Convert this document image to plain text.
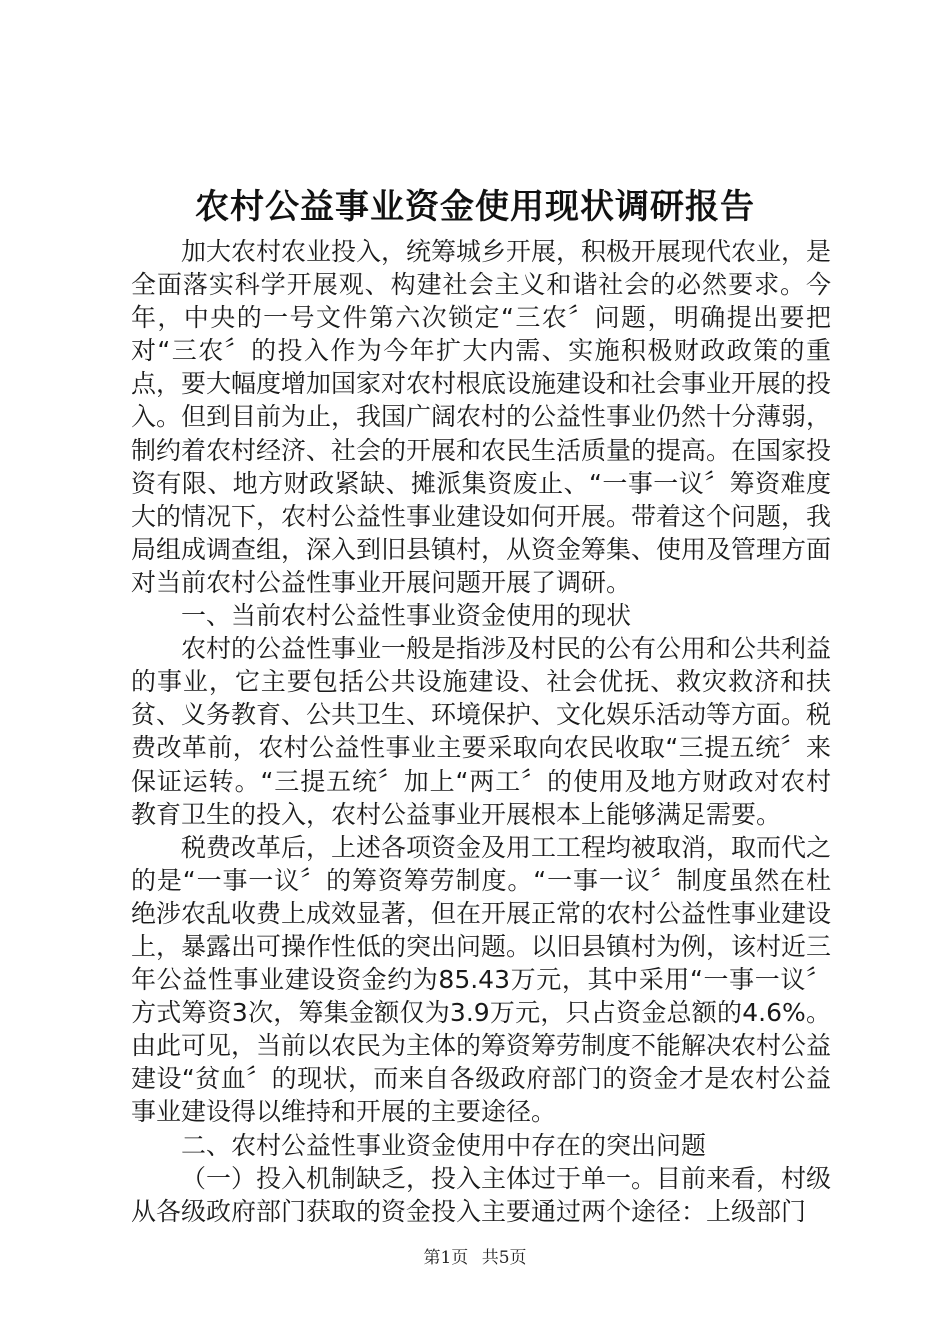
农村公益事业资金使用现状调研报告

加大农村农业投入，统筹城乡开展，积极开展现代农业，是全面落实科学开展观、构建社会主义和谐社会的必然要求。今年，中央的一号文件第六次锁定“三农〞问题，明确提出要把对“三农〞的投入作为今年扩大内需、实施积极财政政策的重点，要大幅度增加国家对农村根底设施建设和社会事业开展的投入。但到目前为止，我国广阔农村的公益性事业仍然十分薄弱，制约着农村经济、社会的开展和农民生活质量的提高。在国家投资有限、地方财政紧缺、摊派集资废止、“一事一议〞筹资难度大的情况下，农村公益性事业建设如何开展。带着这个问题，我局组成调查组，深入到旧县镇村，从资金筹集、使用及管理方面对当前农村公益性事业开展问题开展了调研。

一、当前农村公益性事业资金使用的现状

农村的公益性事业一般是指涉及村民的公有公用和公共利益的事业，它主要包括公共设施建设、社会优抚、救灾救济和扶贫、义务教育、公共卫生、环境保护、文化娱乐活动等方面。税费改革前，农村公益性事业主要采取向农民收取“三提五统〞来保证运转。“三提五统〞加上“两工〞的使用及地方财政对农村教育卫生的投入，农村公益事业开展根本上能够满足需要。

税费改革后，上述各项资金及用工工程均被取消，取而代之的是“一事一议〞的筹资筹劳制度。“一事一议〞制度虽然在杜绝涉农乱收费上成效显著，但在开展正常的农村公益性事业建设上，暴露出可操作性低的突出问题。以旧县镇村为例，该村近三年公益性事业建设资金约为85.43万元，其中采用“一事一议〞方式筹资3次，筹集金额仅为3.9万元，只占资金总额的4.6%。由此可见，当前以农民为主体的筹资筹劳制度不能解决农村公益建设“贫血〞的现状，而来自各级政府部门的资金才是农村公益事业建设得以维持和开展的主要途径。

二、农村公益性事业资金使用中存在的突出问题

（一）投入机制缺乏，投入主体过于单一。目前来看，村级从各级政府部门获取的资金投入主要通过两个途径：上级部门

第1页 共5页
